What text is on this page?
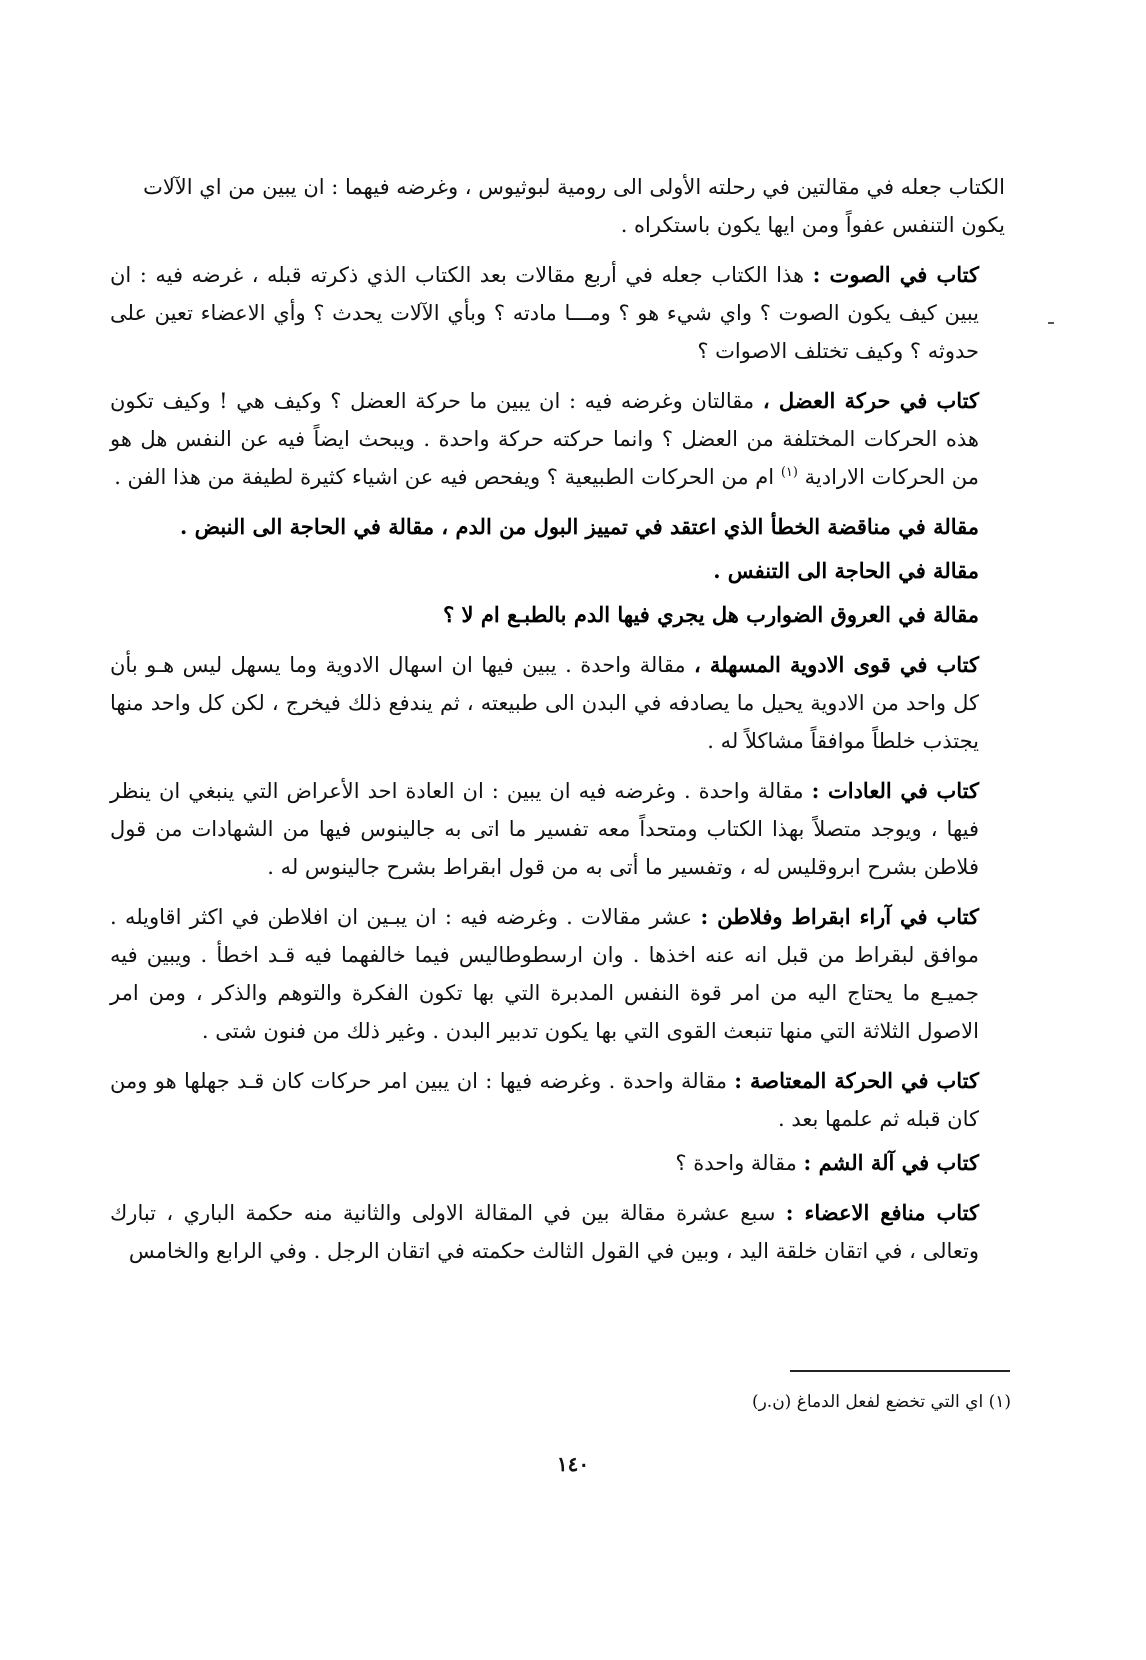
الكتاب جعله في مقالتين في رحلته الأولى الى رومية لبوثيوس ، وغرضه فيهما : ان يبين من اي الآلات
يكون التنفس عفواً ومن ايها يكون باستكراه .

كتاب في الصوت : هذا الكتاب جعله في أربع مقالات بعد الكتاب الذي ذكرته قبله ، غرضه فيه : ان يبين كيف يكون الصوت ؟ واي شيء هو ؟ ومـــا مادته ؟ وبأي الآلات يحدث ؟ وأي الاعضاء تعين على حدوثه ؟ وكيف تختلف الاصوات ؟

كتاب في حركة العضل ، مقالتان وغرضه فيه : ان يبين ما حركة العضل ؟ وكيف هي ! وكيف تكون هذه الحركات المختلفة من العضل ؟ وانما حركته حركة واحدة . ويبحث ايضاً فيه عن النفس هل هو من الحركات الارادية $^{(١)}$ ام من الحركات الطبيعية ؟ ويفحص فيه عن اشياء كثيرة لطيفة من هذا الفن .

مقالة في مناقضة الخطأ الذي اعتقد في تمييز البول من الدم ، مقالة في الحاجة الى النبض .

مقالة في الحاجة الى التنفس .

مقالة في العروق الضوارب هل يجري فيها الدم بالطبـع ام لا ؟

كتاب في قوى الادوية المسهلة ، مقالة واحدة . يبين فيها ان اسهال الادوية وما يسهل ليس هـو بأن كل واحد من الادوية يحيل ما يصادفه في البدن الى طبيعته ، ثم يندفع ذلك فيخرج ، لكن كل واحد منها يجتذب خلطاً موافقاً مشاكلاً له .

كتاب في العادات : مقالة واحدة . وغرضه فيه ان يبين : ان العادة احد الأعراض التي ينبغي ان ينظر فيها ، ويوجد متصلاً بهذا الكتاب ومتحداً معه تفسير ما اتى به جالينوس فيها من الشهادات من قول فلاطن بشرح ابروقليس له ، وتفسير ما أتى به من قول ابقراط بشرح جالينوس له .

كتاب في آراء ابقراط وفلاطن : عشر مقالات . وغرضه فيه : ان يبـين ان افلاطن في اكثر اقاويله . موافق لبقراط من قبل انه عنه اخذها . وان ارسطوطاليس فيما خالفهما فيه قـد اخطأ . ويبين فيه جميـع ما يحتاج اليه من امر قوة النفس المدبرة التي بها تكون الفكرة والتوهم والذكر ، ومن امر الاصول الثلاثة التي منها تنبعث القوى التي بها يكون تدبير البدن . وغير ذلك من فنون شتى .

كتاب في الحركة المعتاصة : مقالة واحدة . وغرضه فيها : ان يبين امر حركات كان قـد جهلها هو ومن كان قبله ثم علمها بعد .

كتاب في آلة الشم : مقالة واحدة ؟

كتاب منافع الاعضاء : سبع عشرة مقالة بين في المقالة الاولى والثانية منه حكمة الباري ، تبارك وتعالى ، في اتقان خلقة اليد ، وبين في القول الثالث حكمته في اتقان الرجل . وفي الرابع والخامس

(١) اي التي تخضع لفعل الدماغ (ن.ر)
١٤٠
